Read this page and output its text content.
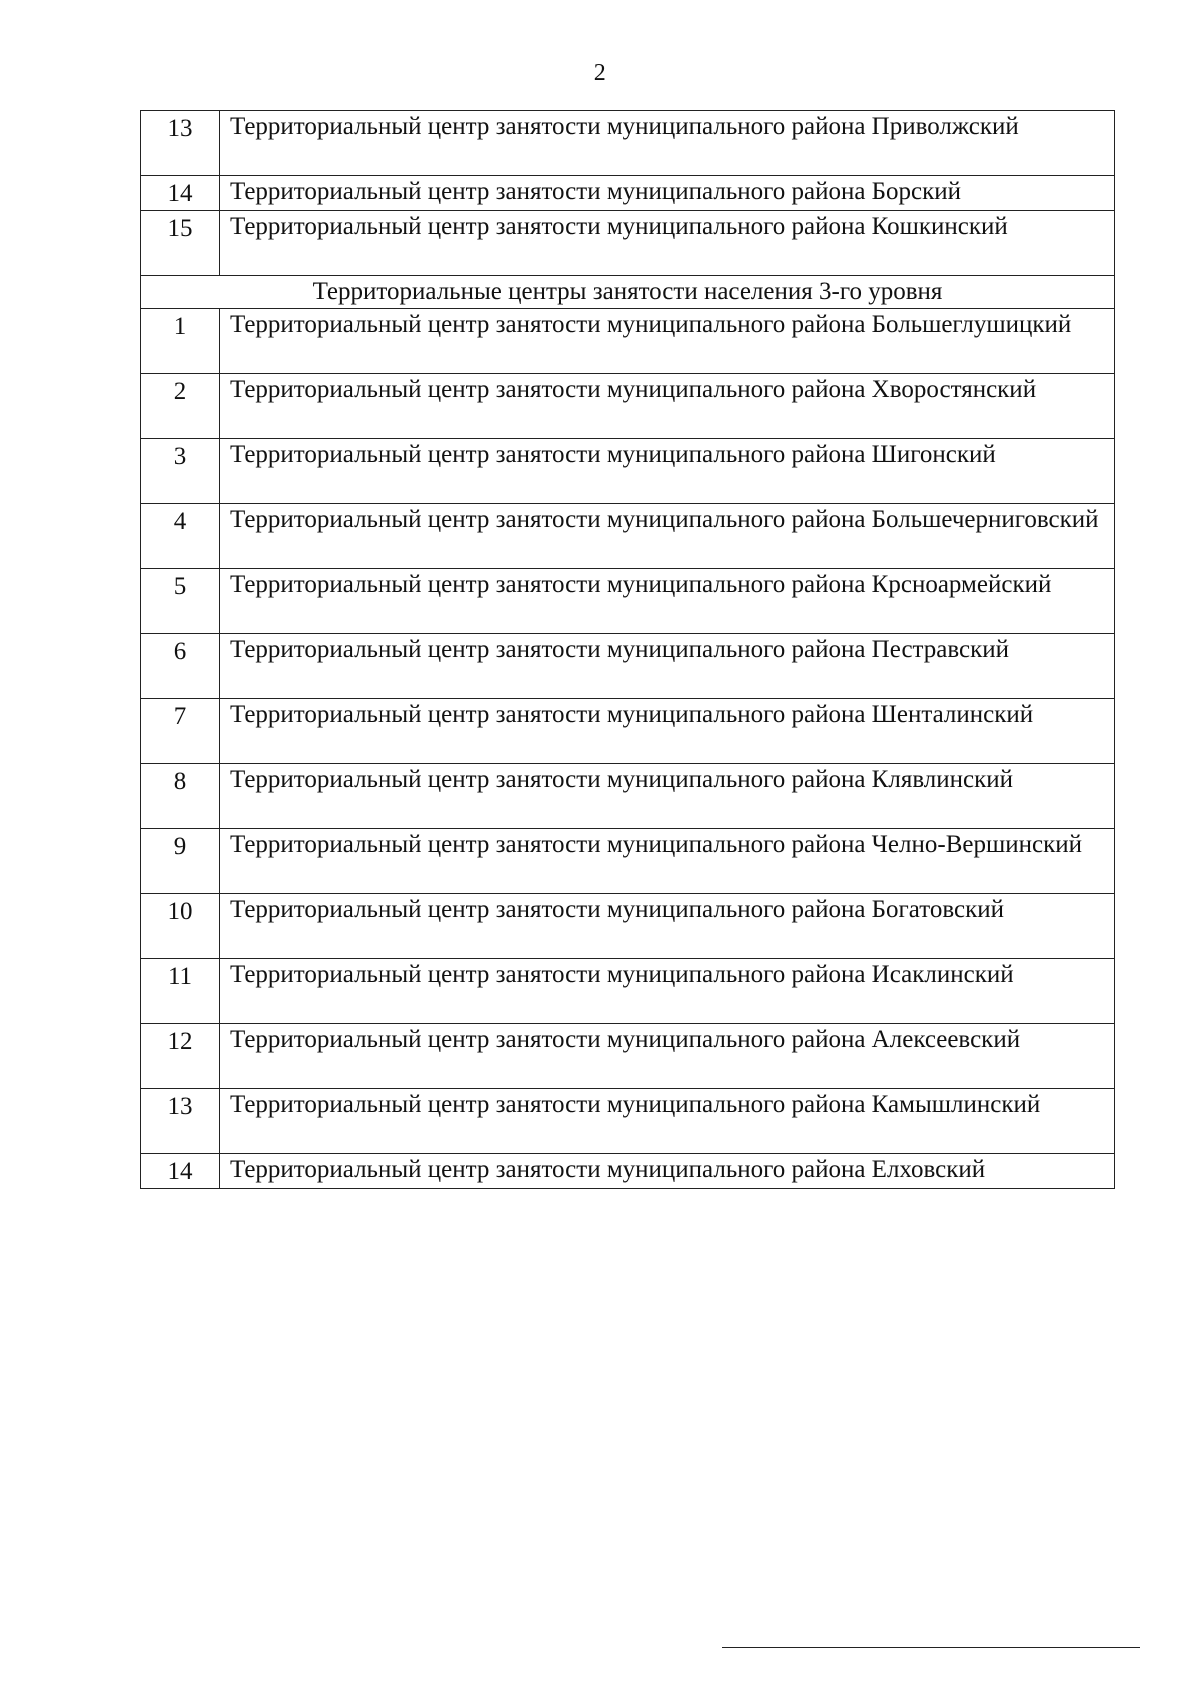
2
13	Территориальный центр занятости муниципального района Приволжский
14	Территориальный центр занятости муниципального района Борский
15	Территориальный центр занятости муниципального района Кошкинский
Территориальные центры занятости населения 3-го уровня	
1	Территориальный центр занятости муниципального района Большеглушицкий
2	Территориальный центр занятости муниципального района Хворостянский
3	Территориальный центр занятости муниципального района Шигонский
4	Территориальный центр занятости муниципального района Большечерниговский
5	Территориальный центр занятости муниципального района Крсноармейский
6	Территориальный центр занятости муниципального района Пестравский
7	Территориальный центр занятости муниципального района Шенталинский
8	Территориальный центр занятости муниципального района Клявлинский
9	Территориальный центр занятости муниципального района Челно-Вершинский
10	Территориальный центр занятости муниципального района Богатовский
11	Территориальный центр занятости муниципального района Исаклинский
12	Территориальный центр занятости муниципального района Алексеевский
13	Территориальный центр занятости муниципального района Камышлинский
14	Территориальный центр занятости муниципального района Елховский
